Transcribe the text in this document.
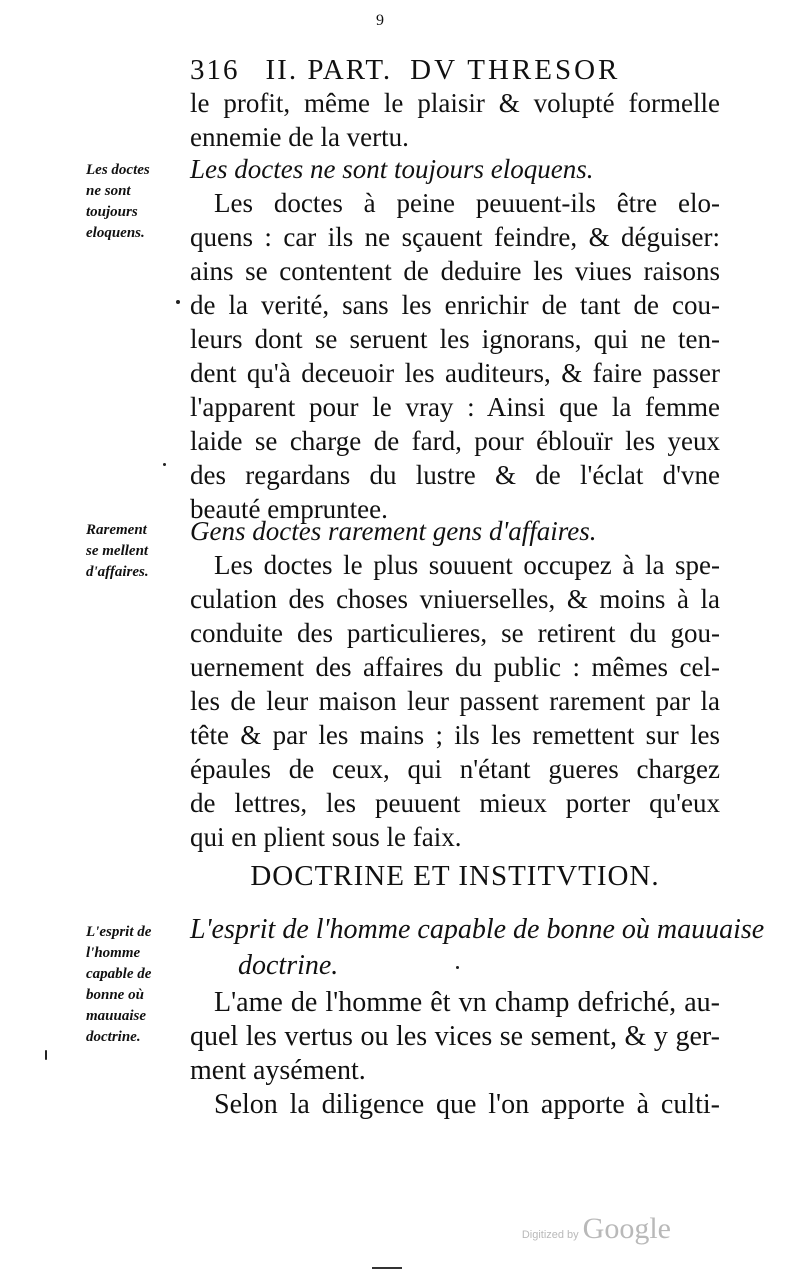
9
316 II. PART. DV THRESOR
le profit, même le plaisir & volupté formelle
ennemie de la vertu.
Les doctes
ne sont
toujours
eloquens.
Les doctes ne sont toujours eloquens.
Les doctes à peine peuuent-ils être elo-
quens : car ils ne sçauent feindre, & déguiser:
ains se contentent de deduire les viues raisons
de la verité, sans les enrichir de tant de cou-
leurs dont se seruent les ignorans, qui ne ten-
dent qu'à deceuoir les auditeurs, & faire passer
l'apparent pour le vray : Ainsi que la femme
laide se charge de fard, pour éblouïr les yeux
des regardans du lustre & de l'éclat d'vne
beauté empruntee.
Rarement
se mellent
d'affaires.
Gens doctes rarement gens d'affaires.
Les doctes le plus souuent occupez à la spe-
culation des choses vniuerselles, & moins à la
conduite des particulieres, se retirent du gou-
uernement des affaires du public : mêmes cel-
les de leur maison leur passent rarement par la
tête & par les mains ; ils les remettent sur les
épaules de ceux, qui n'étant gueres chargez
de lettres, les peuuent mieux porter qu'eux
qui en plient sous le faix.
DOCTRINE ET INSTITVTION.
L'esprit de
l'homme
capable de
bonne où
mauuaise
doctrine.
L'esprit de l'homme capable de bonne où mauuaise
doctrine.
L'ame de l'homme êt vn champ defriché, au-
quel les vertus ou les vices se sement, & y ger-
ment aysément.
Selon la diligence que l'on apporte à culti-
Digitized by Google
